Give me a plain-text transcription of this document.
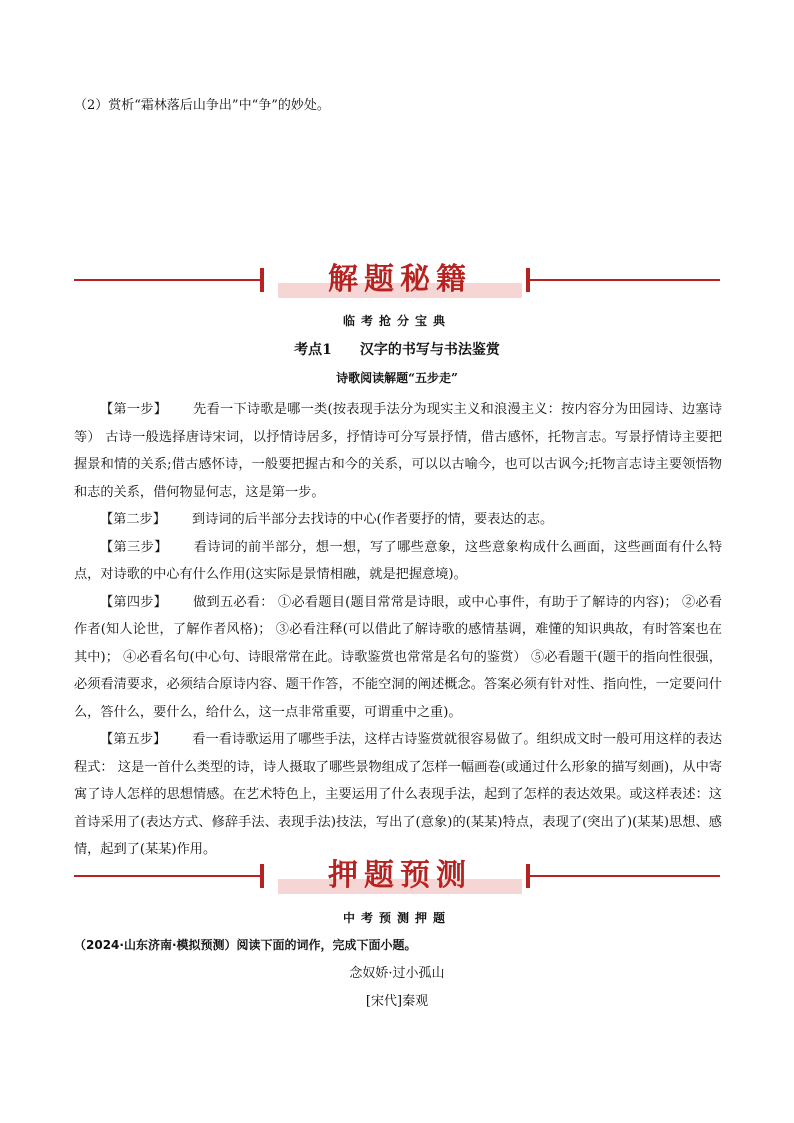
（2）赏析“霜林落后山争出”中“争”的妙处。
解题秘籍
临考抢分宝典
考点1　　汉字的书写与书法鉴赏
诗歌阅读解题“五步走”

【第一步】 先看一下诗歌是哪一类(按表现手法分为现实主义和浪漫主义：按内容分为田园诗、边塞诗等） 古诗一般选择唐诗宋词，以抒情诗居多，抒情诗可分写景抒情，借古感怀，托物言志。写景抒情诗主要把握景和情的关系;借古感怀诗，一般要把握古和今的关系，可以以古喻今，也可以古讽今;托物言志诗主要领悟物和志的关系，借何物显何志，这是第一步。

【第二步】 到诗词的后半部分去找诗的中心(作者要抒的情，要表达的志。

【第三步】 看诗词的前半部分，想一想，写了哪些意象，这些意象构成什么画面，这些画面有什么特点，对诗歌的中心有什么作用(这实际是景情相融，就是把握意境)。

【第四步】 做到五必看： ①必看题目(题目常常是诗眼，或中心事件，有助于了解诗的内容)； ②必看作者(知人论世，了解作者风格)； ③必看注释(可以借此了解诗歌的感情基调，难懂的知识典故，有时答案也在其中)； ④必看名句(中心句、诗眼常常在此。诗歌鉴赏也常常是名句的鉴赏） ⑤必看题干(题干的指向性很强，必须看清要求，必须结合原诗内容、题干作答，不能空洞的阐述概念。答案必须有针对性、指向性，一定要问什么，答什么，要什么，给什么，这一点非常重要，可谓重中之重)。

【第五步】 看一看诗歌运用了哪些手法，这样古诗鉴赏就很容易做了。组织成文时一般可用这样的表达程式： 这是一首什么类型的诗，诗人摄取了哪些景物组成了怎样一幅画卷(或通过什么形象的描写刻画)，从中寄寓了诗人怎样的思想情感。在艺术特色上，主要运用了什么表现手法，起到了怎样的表达效果。或这样表述：这首诗采用了(表达方式、修辞手法、表现手法)技法，写出了(意象)的(某某)特点，表现了(突出了)(某某)思想、感情，起到了(某某)作用。

押题预测
中考预测押题
（2024·山东济南·模拟预测）阅读下面的词作，完成下面小题。
念奴娇·过小孤山
[宋代]秦观
